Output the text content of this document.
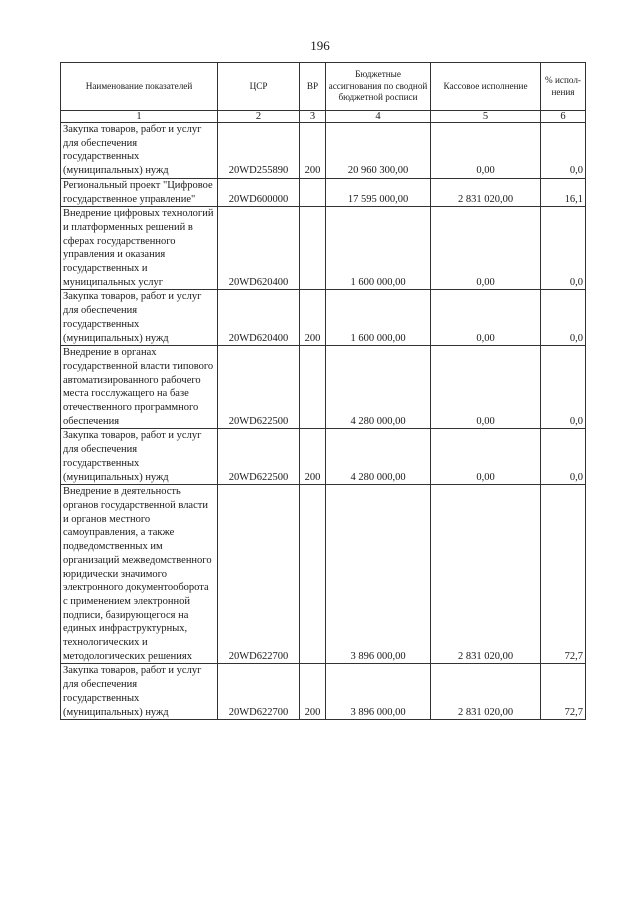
196
Наименование показателей	ЦСР	ВР	Бюджетные ассигнования по сводной бюджетной росписи	Кассовое исполнение	% испол-нения
1	2	3	4	5	6
Закупка товаров, работ и услуг для обеспечения государственных (муниципальных) нужд	20WD255890	200	20 960 300,00	0,00	0,0
Региональный проект "Цифровое государственное управление"	20WD600000		17 595 000,00	2 831 020,00	16,1
Внедрение цифровых технологий и платформенных решений в сферах государственного управления и оказания государственных и муниципальных услуг	20WD620400		1 600 000,00	0,00	0,0
Закупка товаров, работ и услуг для обеспечения государственных (муниципальных) нужд	20WD620400	200	1 600 000,00	0,00	0,0
Внедрение в органах государственной власти типового автоматизированного рабочего места госслужащего на базе отечественного программного обеспечения	20WD622500		4 280 000,00	0,00	0,0
Закупка товаров, работ и услуг для обеспечения государственных (муниципальных) нужд	20WD622500	200	4 280 000,00	0,00	0,0
Внедрение в деятельность органов государственной власти и органов местного самоуправления, а также подведомственных им организаций межведомственного юридически значимого электронного документооборота с применением электронной подписи, базирующегося на единых инфраструктурных, технологических и методологических решениях	20WD622700		3 896 000,00	2 831 020,00	72,7
Закупка товаров, работ и услуг для обеспечения государственных (муниципальных) нужд	20WD622700	200	3 896 000,00	2 831 020,00	72,7
